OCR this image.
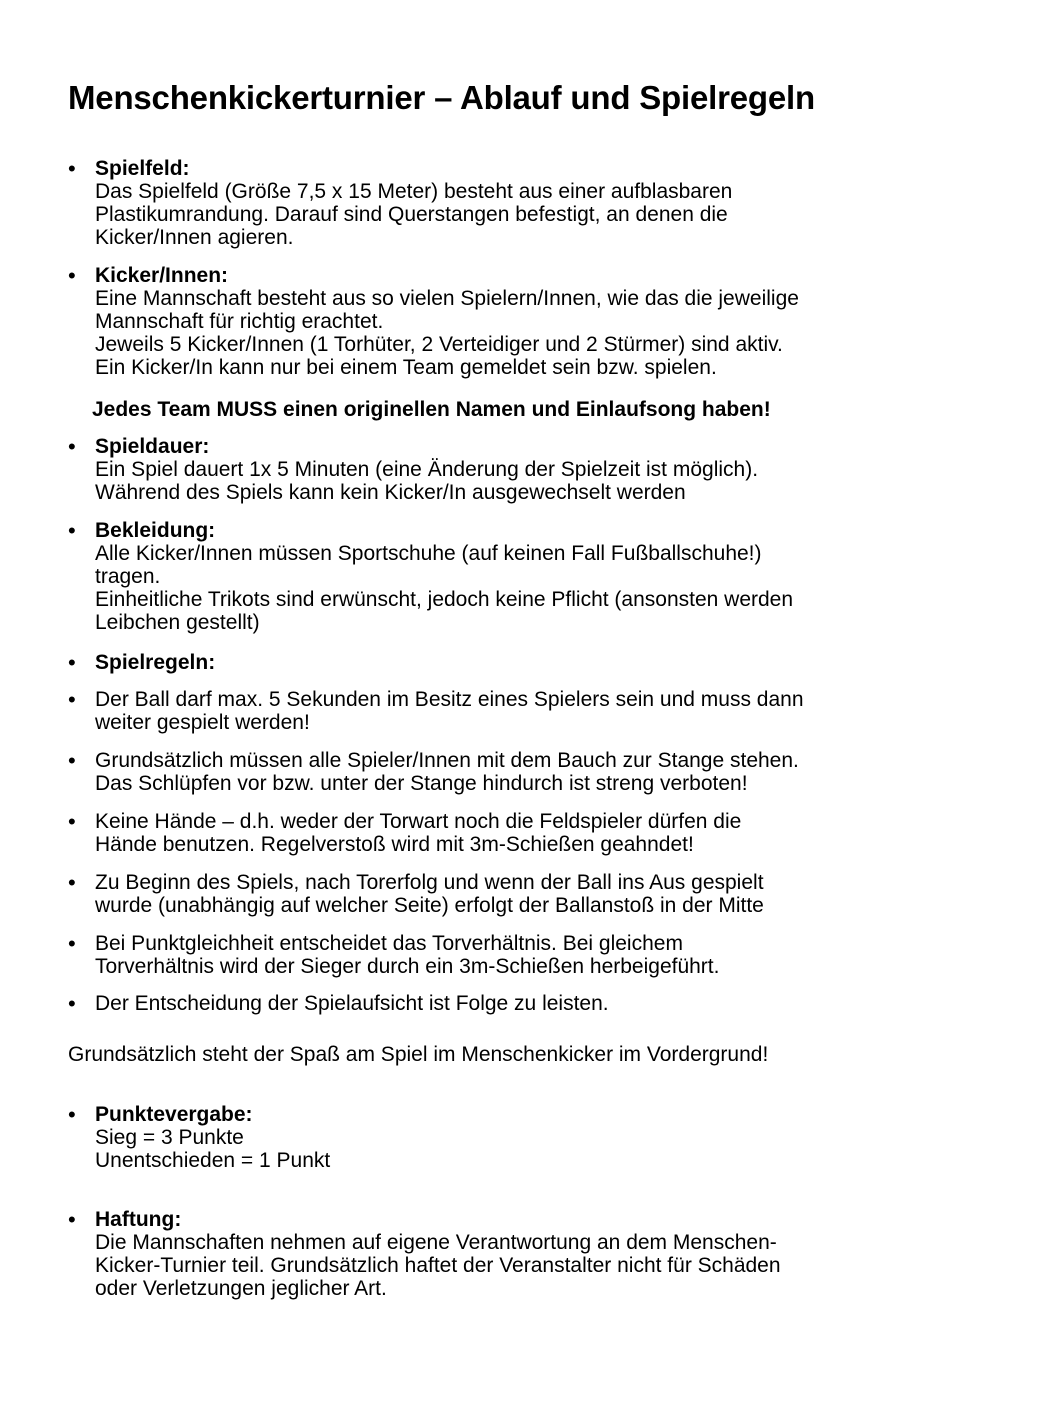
Menschenkickerturnier – Ablauf und Spielregeln
• Spielfeld:
Das Spielfeld (Größe 7,5 x 15 Meter) besteht aus einer aufblasbaren
Plastikumrandung. Darauf sind Querstangen befestigt, an denen die
Kicker/Innen agieren.
• Kicker/Innen:
Eine Mannschaft besteht aus so vielen Spielern/Innen, wie das die jeweilige
Mannschaft für richtig erachtet.
Jeweils 5 Kicker/Innen (1 Torhüter, 2 Verteidiger und 2 Stürmer) sind aktiv.
Ein Kicker/In kann nur bei einem Team gemeldet sein bzw. spielen.
Jedes Team MUSS einen originellen Namen und Einlaufsong haben!
• Spieldauer:
Ein Spiel dauert 1x 5 Minuten (eine Änderung der Spielzeit ist möglich).
Während des Spiels kann kein Kicker/In ausgewechselt werden
• Bekleidung:
Alle Kicker/Innen müssen Sportschuhe (auf keinen Fall Fußballschuhe!)
tragen.
Einheitliche Trikots sind erwünscht, jedoch keine Pflicht (ansonsten werden
Leibchen gestellt)
• Spielregeln:
• Der Ball darf max. 5 Sekunden im Besitz eines Spielers sein und muss dann
weiter gespielt werden!
• Grundsätzlich müssen alle Spieler/Innen mit dem Bauch zur Stange stehen.
Das Schlüpfen vor bzw. unter der Stange hindurch ist streng verboten!
• Keine Hände – d.h. weder der Torwart noch die Feldspieler dürfen die
Hände benutzen. Regelverstoß wird mit 3m-Schießen geahndet!
• Zu Beginn des Spiels, nach Torerfolg und wenn der Ball ins Aus gespielt
wurde (unabhängig auf welcher Seite) erfolgt der Ballanstoß in der Mitte
• Bei Punktgleichheit entscheidet das Torverhältnis. Bei gleichem
Torverhältnis wird der Sieger durch ein 3m-Schießen herbeigeführt.
• Der Entscheidung der Spielaufsicht ist Folge zu leisten.
Grundsätzlich steht der Spaß am Spiel im Menschenkicker im Vordergrund!
• Punktevergabe:
Sieg = 3 Punkte
Unentschieden = 1 Punkt
• Haftung:
Die Mannschaften nehmen auf eigene Verantwortung an dem Menschen-
Kicker-Turnier teil. Grundsätzlich haftet der Veranstalter nicht für Schäden
oder Verletzungen jeglicher Art.
